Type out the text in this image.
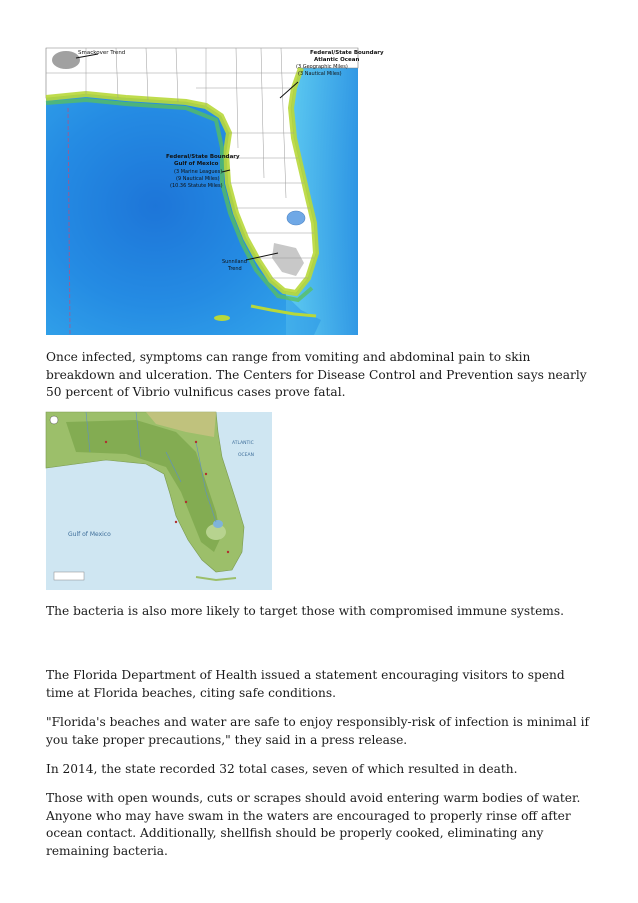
Smackover Trend	Federal/State Boundary
Atlantic Ocean
(3 Geographic Miles)
(3 Nautical Miles)
Federal/State Boundary
Gulf of Mexico
(3 Marine Leagues)
(9 Nautical Miles)
(10.36 Statute Miles)
Sunniland
Trend

Once infected, symptoms can range from vomiting and abdominal pain to skin breakdown and ulceration. The Centers for Disease Control and Prevention says nearly 50 percent of Vibrio vulnificus cases prove fatal.

ATLANTIC
OCEAN
Gulf of Mexico

The bacteria is also more likely to target those with compromised immune systems.

The Florida Department of Health issued a statement encouraging visitors to spend time at Florida beaches, citing safe conditions.

"Florida's beaches and water are safe to enjoy responsibly-risk of infection is minimal if you take proper precautions," they said in a press release.

In 2014, the state recorded 32 total cases, seven of which resulted in death.

Those with open wounds, cuts or scrapes should avoid entering warm bodies of water. Anyone who may have swam in the waters are encouraged to properly rinse off after ocean contact. Additionally, shellfish should be properly cooked, eliminating any remaining bacteria.
